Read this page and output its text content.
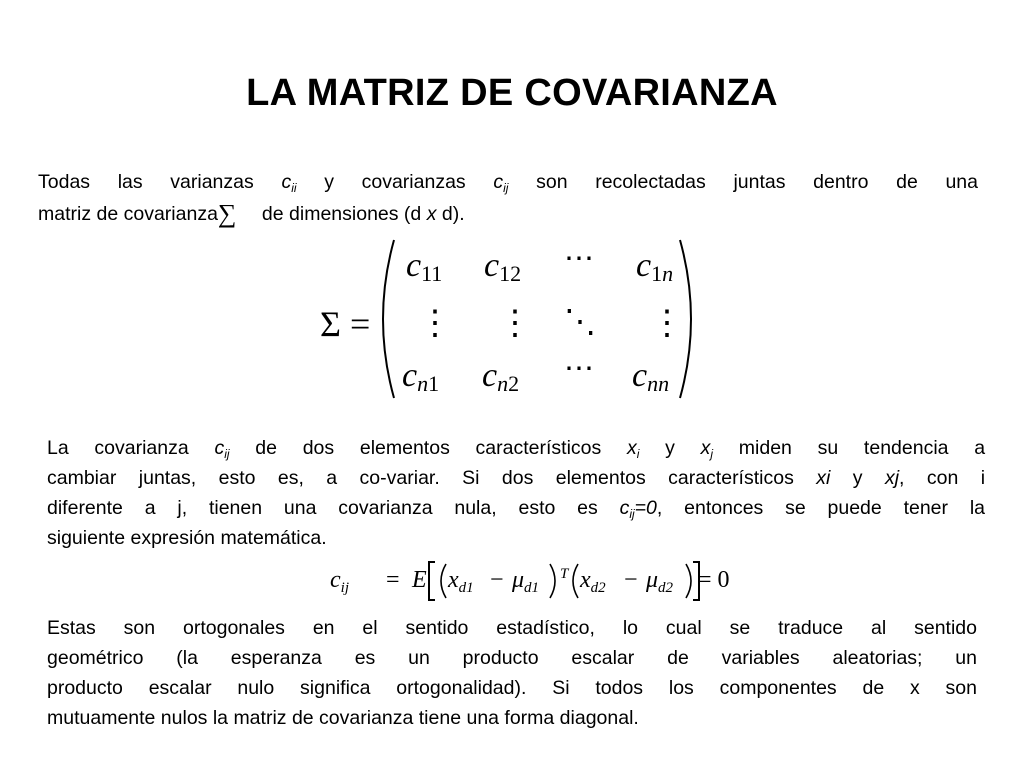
LA MATRIZ DE COVARIANZA
Todas las varianzas $c_{ii}$ y covarianzas $c_{ij}$ son recolectadas juntas dentro de una
matriz de covarianza∑ de dimensiones (d x d).
Σ =
c11 c12 ⋯ c1n
⋮ ⋮ ⋱ ⋮
cn1 cn2 ⋯ cnn
La covarianza $c_{ij}$ de dos elementos característicos $x_i$ y $x_j$ miden su tendencia a
cambiar juntas, esto es, a co-variar. Si dos elementos característicos xi y xj, con i
diferente a j, tienen una covarianza nula, esto es $c_{ij}=0$, entonces se puede tener la
siguiente expresión matemática.
cij = E xd1 − μd1 T xd2 − μd2 = 0
Estas son ortogonales en el sentido estadístico, lo cual se traduce al sentido
geométrico (la esperanza es un producto escalar de variables aleatorias; un
producto escalar nulo significa ortogonalidad). Si todos los componentes de x son
mutuamente nulos la matriz de covarianza tiene una forma diagonal.
